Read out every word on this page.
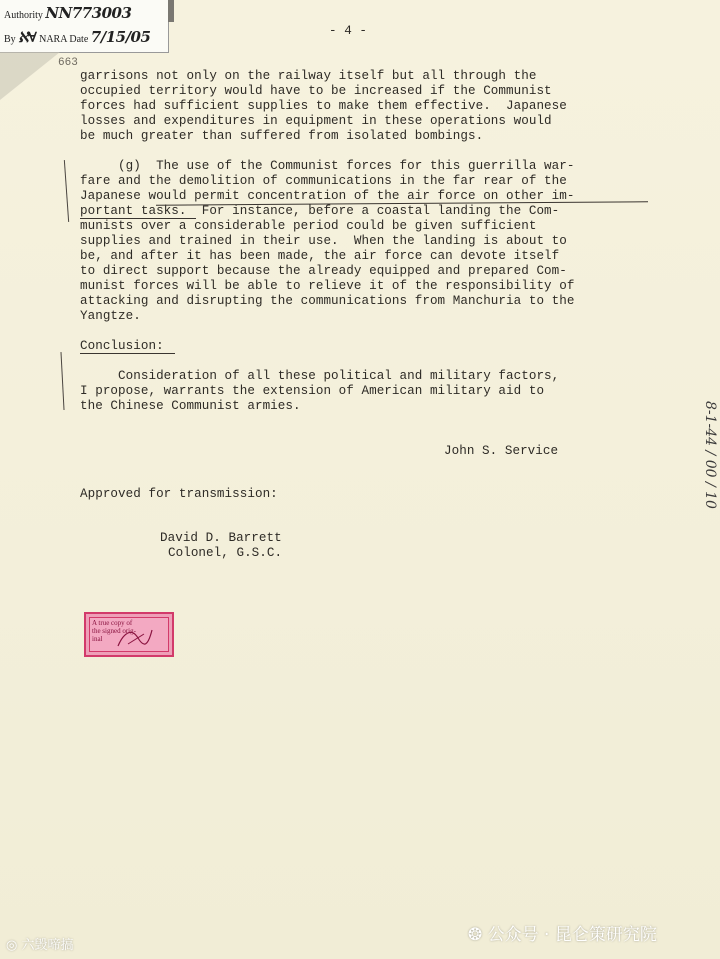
Authority NN773003
By ℵ∀ NARA Date 7/15/05
663
- 4 -
garrisons not only on the railway itself but all through the
occupied territory would have to be increased if the Communist
forces had sufficient supplies to make them effective.  Japanese
losses and expenditures in equipment in these operations would
be much greater than suffered from isolated bombings.
(g)  The use of the Communist forces for this guerrilla war-
fare and the demolition of communications in the far rear of the
Japanese would permit concentration of the air force on other im-
portant tasks.  For instance, before a coastal landing the Com-
munists over a considerable period could be given sufficient
supplies and trained in their use.  When the landing is about to
be, and after it has been made, the air force can devote itself
to direct support because the already equipped and prepared Com-
munist forces will be able to relieve it of the responsibility of
attacking and disrupting the communications from Manchuria to the
Yangtze.
Conclusion:
Consideration of all these political and military factors,
I propose, warrants the extension of American military aid to
the Chinese Communist armies.
John S. Service
Approved for transmission:
David D. Barrett
Colonel, G.S.C.
A true copy of
the signed orig-
inal
8-1-44 / 00 / 10
◎ 六毁啼搞
❂ 公众号 · 昆仑策研究院
